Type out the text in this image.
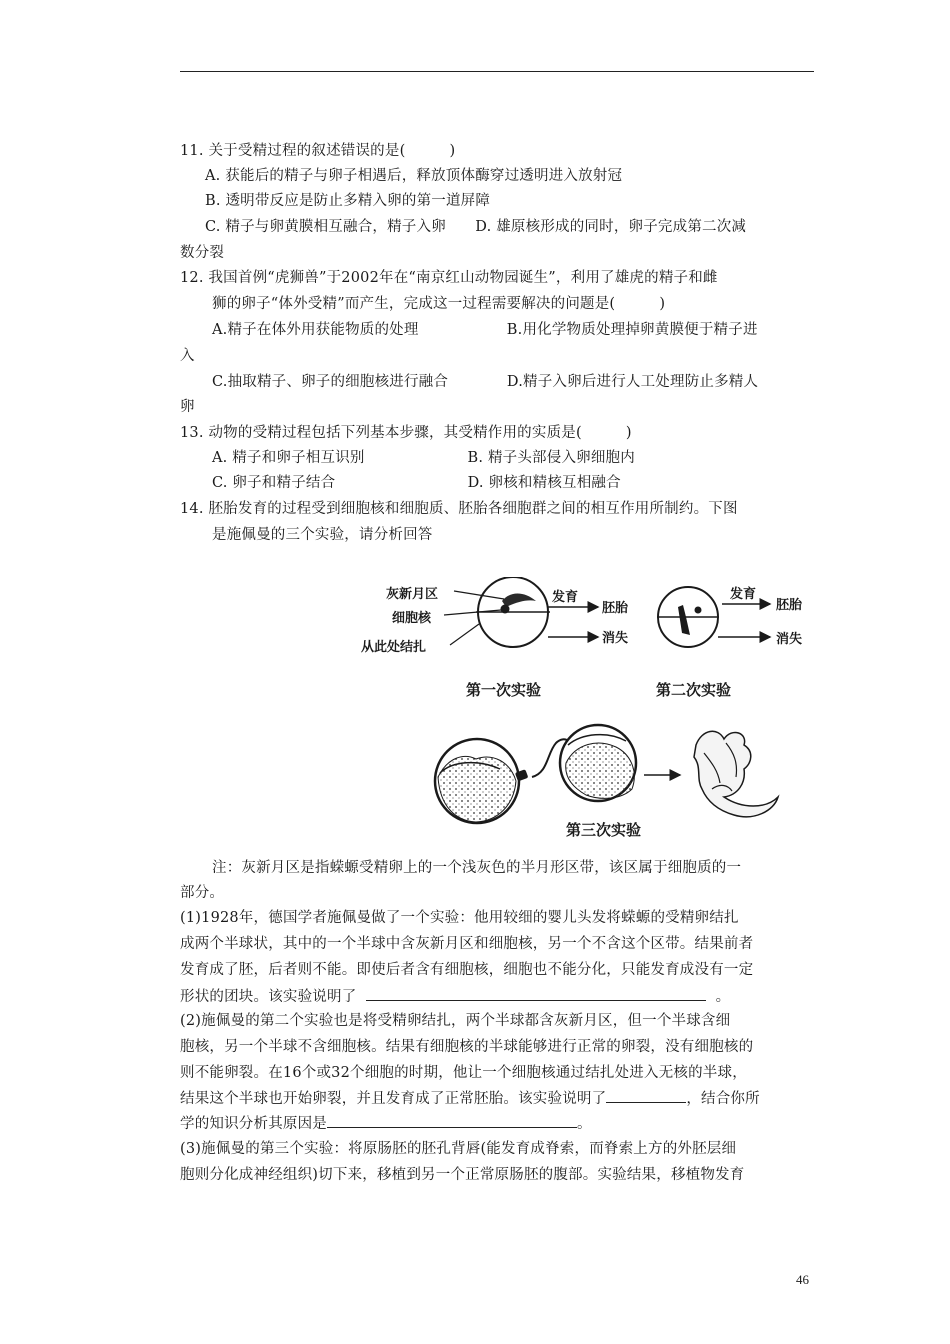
11. 关于受精过程的叙述错误的是(　　　)
A. 获能后的精子与卵子相遇后，释放顶体酶穿过透明进入放射冠
B. 透明带反应是防止多精入卵的第一道屏障
C. 精子与卵黄膜相互融合，精子入卵　　D. 雄原核形成的同时，卵子完成第二次减
数分裂
12. 我国首例“虎狮兽”于2002年在“南京红山动物园诞生”，利用了雄虎的精子和雌
狮的卵子“体外受精”而产生，完成这一过程需要解决的问题是(　　　)
A.精子在体外用获能物质的处理　　　　　　B.用化学物质处理掉卵黄膜便于精子进
入
C.抽取精子、卵子的细胞核进行融合　　　　D.精子入卵后进行人工处理防止多精人
卵
13. 动物的受精过程包括下列基本步骤，其受精作用的实质是(　　　)
A. 精子和卵子相互识别　　　　　　　B. 精子头部侵入卵细胞内
C. 卵子和精子结合　　　　　　　　　D. 卵核和精核互相融合
14. 胚胎发育的过程受到细胞核和细胞质、胚胎各细胞群之间的相互作用所制约。下图
是施佩曼的三个实验，请分析回答
灰新月区
细胞核
从此处结扎
发育
胚胎
消失
第一次实验
发育
胚胎
消失
第二次实验
第三次实验
注：灰新月区是指蝾螈受精卵上的一个浅灰色的半月形区带，该区属于细胞质的一
部分。
(1)1928年，德国学者施佩曼做了一个实验：他用较细的婴儿头发将蝾螈的受精卵结扎
成两个半球状，其中的一个半球中含灰新月区和细胞核，另一个不含这个区带。结果前者
发育成了胚，后者则不能。即使后者含有细胞核，细胞也不能分化，只能发育成没有一定
形状的团块。该实验说明了	。
(2)施佩曼的第二个实验也是将受精卵结扎，两个半球都含灰新月区，但一个半球含细
胞核，另一个半球不含细胞核。结果有细胞核的半球能够进行正常的卵裂，没有细胞核的
则不能卵裂。在16个或32个细胞的时期，他让一个细胞核通过结扎处进入无核的半球，
结果这个半球也开始卵裂，并且发育成了正常胚胎。该实验说明了	，结合你所
学的知识分析其原因是	。
(3)施佩曼的第三个实验：将原肠胚的胚孔背唇(能发育成脊索，而脊索上方的外胚层细
胞则分化成神经组织)切下来，移植到另一个正常原肠胚的腹部。实验结果，移植物发育
46
